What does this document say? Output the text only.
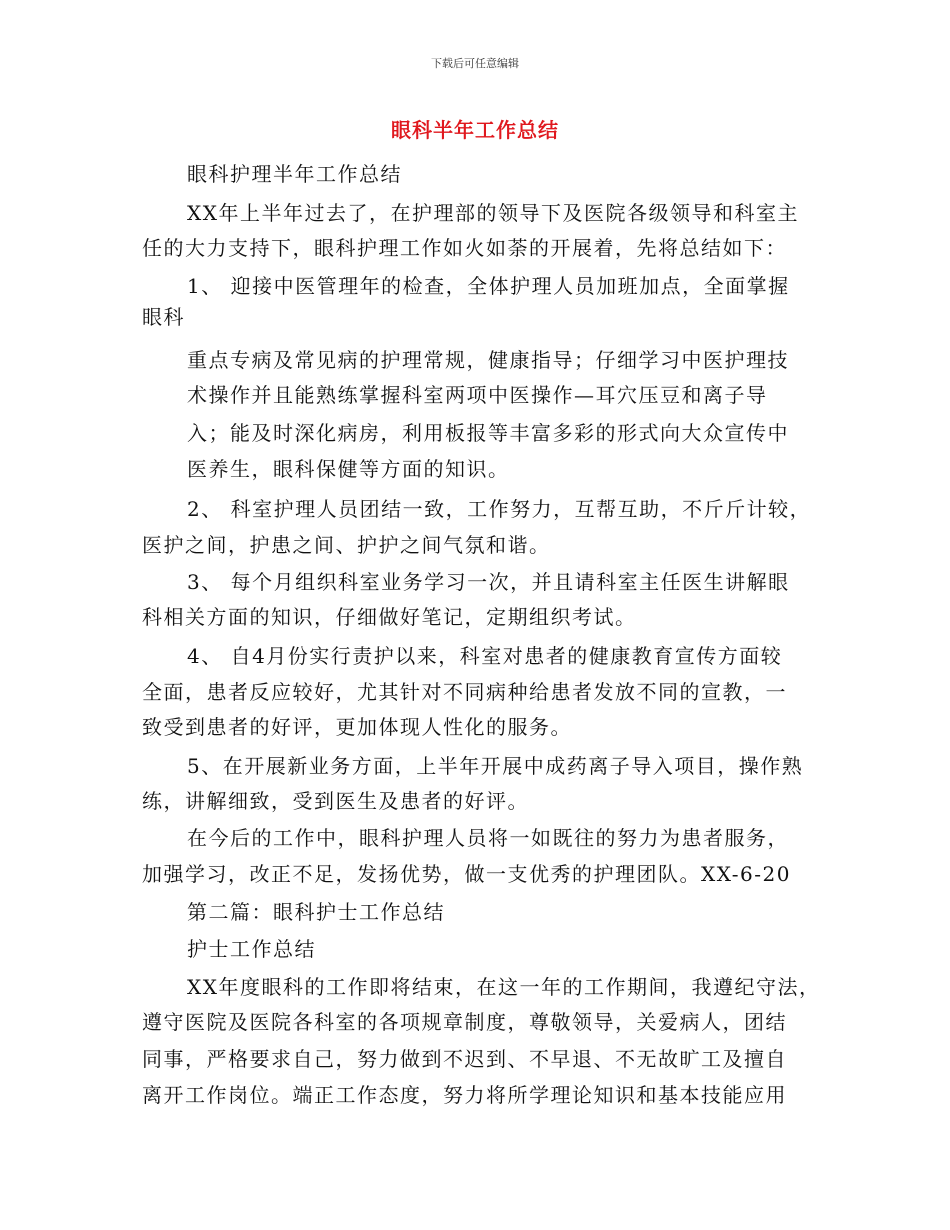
下载后可任意编辑
眼科半年工作总结
眼科护理半年工作总结
XX年上半年过去了，在护理部的领导下及医院各级领导和科室主
任的大力支持下，眼科护理工作如火如荼的开展着，先将总结如下：
1、 迎接中医管理年的检查，全体护理人员加班加点，全面掌握
眼科
重点专病及常见病的护理常规，健康指导；仔细学习中医护理技
术操作并且能熟练掌握科室两项中医操作—耳穴压豆和离子导
入；能及时深化病房，利用板报等丰富多彩的形式向大众宣传中
医养生，眼科保健等方面的知识。
2、 科室护理人员团结一致，工作努力，互帮互助，不斤斤计较，
医护之间，护患之间、护护之间气氛和谐。
3、 每个月组织科室业务学习一次，并且请科室主任医生讲解眼
科相关方面的知识，仔细做好笔记，定期组织考试。
4、 自4月份实行责护以来，科室对患者的健康教育宣传方面较
全面，患者反应较好，尤其针对不同病种给患者发放不同的宣教，一
致受到患者的好评，更加体现人性化的服务。
5、在开展新业务方面，上半年开展中成药离子导入项目，操作熟
练，讲解细致，受到医生及患者的好评。
在今后的工作中，眼科护理人员将一如既往的努力为患者服务，
加强学习，改正不足，发扬优势，做一支优秀的护理团队。XX-6-20
第二篇：眼科护士工作总结
护士工作总结
XX年度眼科的工作即将结束，在这一年的工作期间，我遵纪守法，
遵守医院及医院各科室的各项规章制度，尊敬领导，关爱病人，团结
同事，严格要求自己，努力做到不迟到、不早退、不无故旷工及擅自
离开工作岗位。端正工作态度，努力将所学理论知识和基本技能应用
